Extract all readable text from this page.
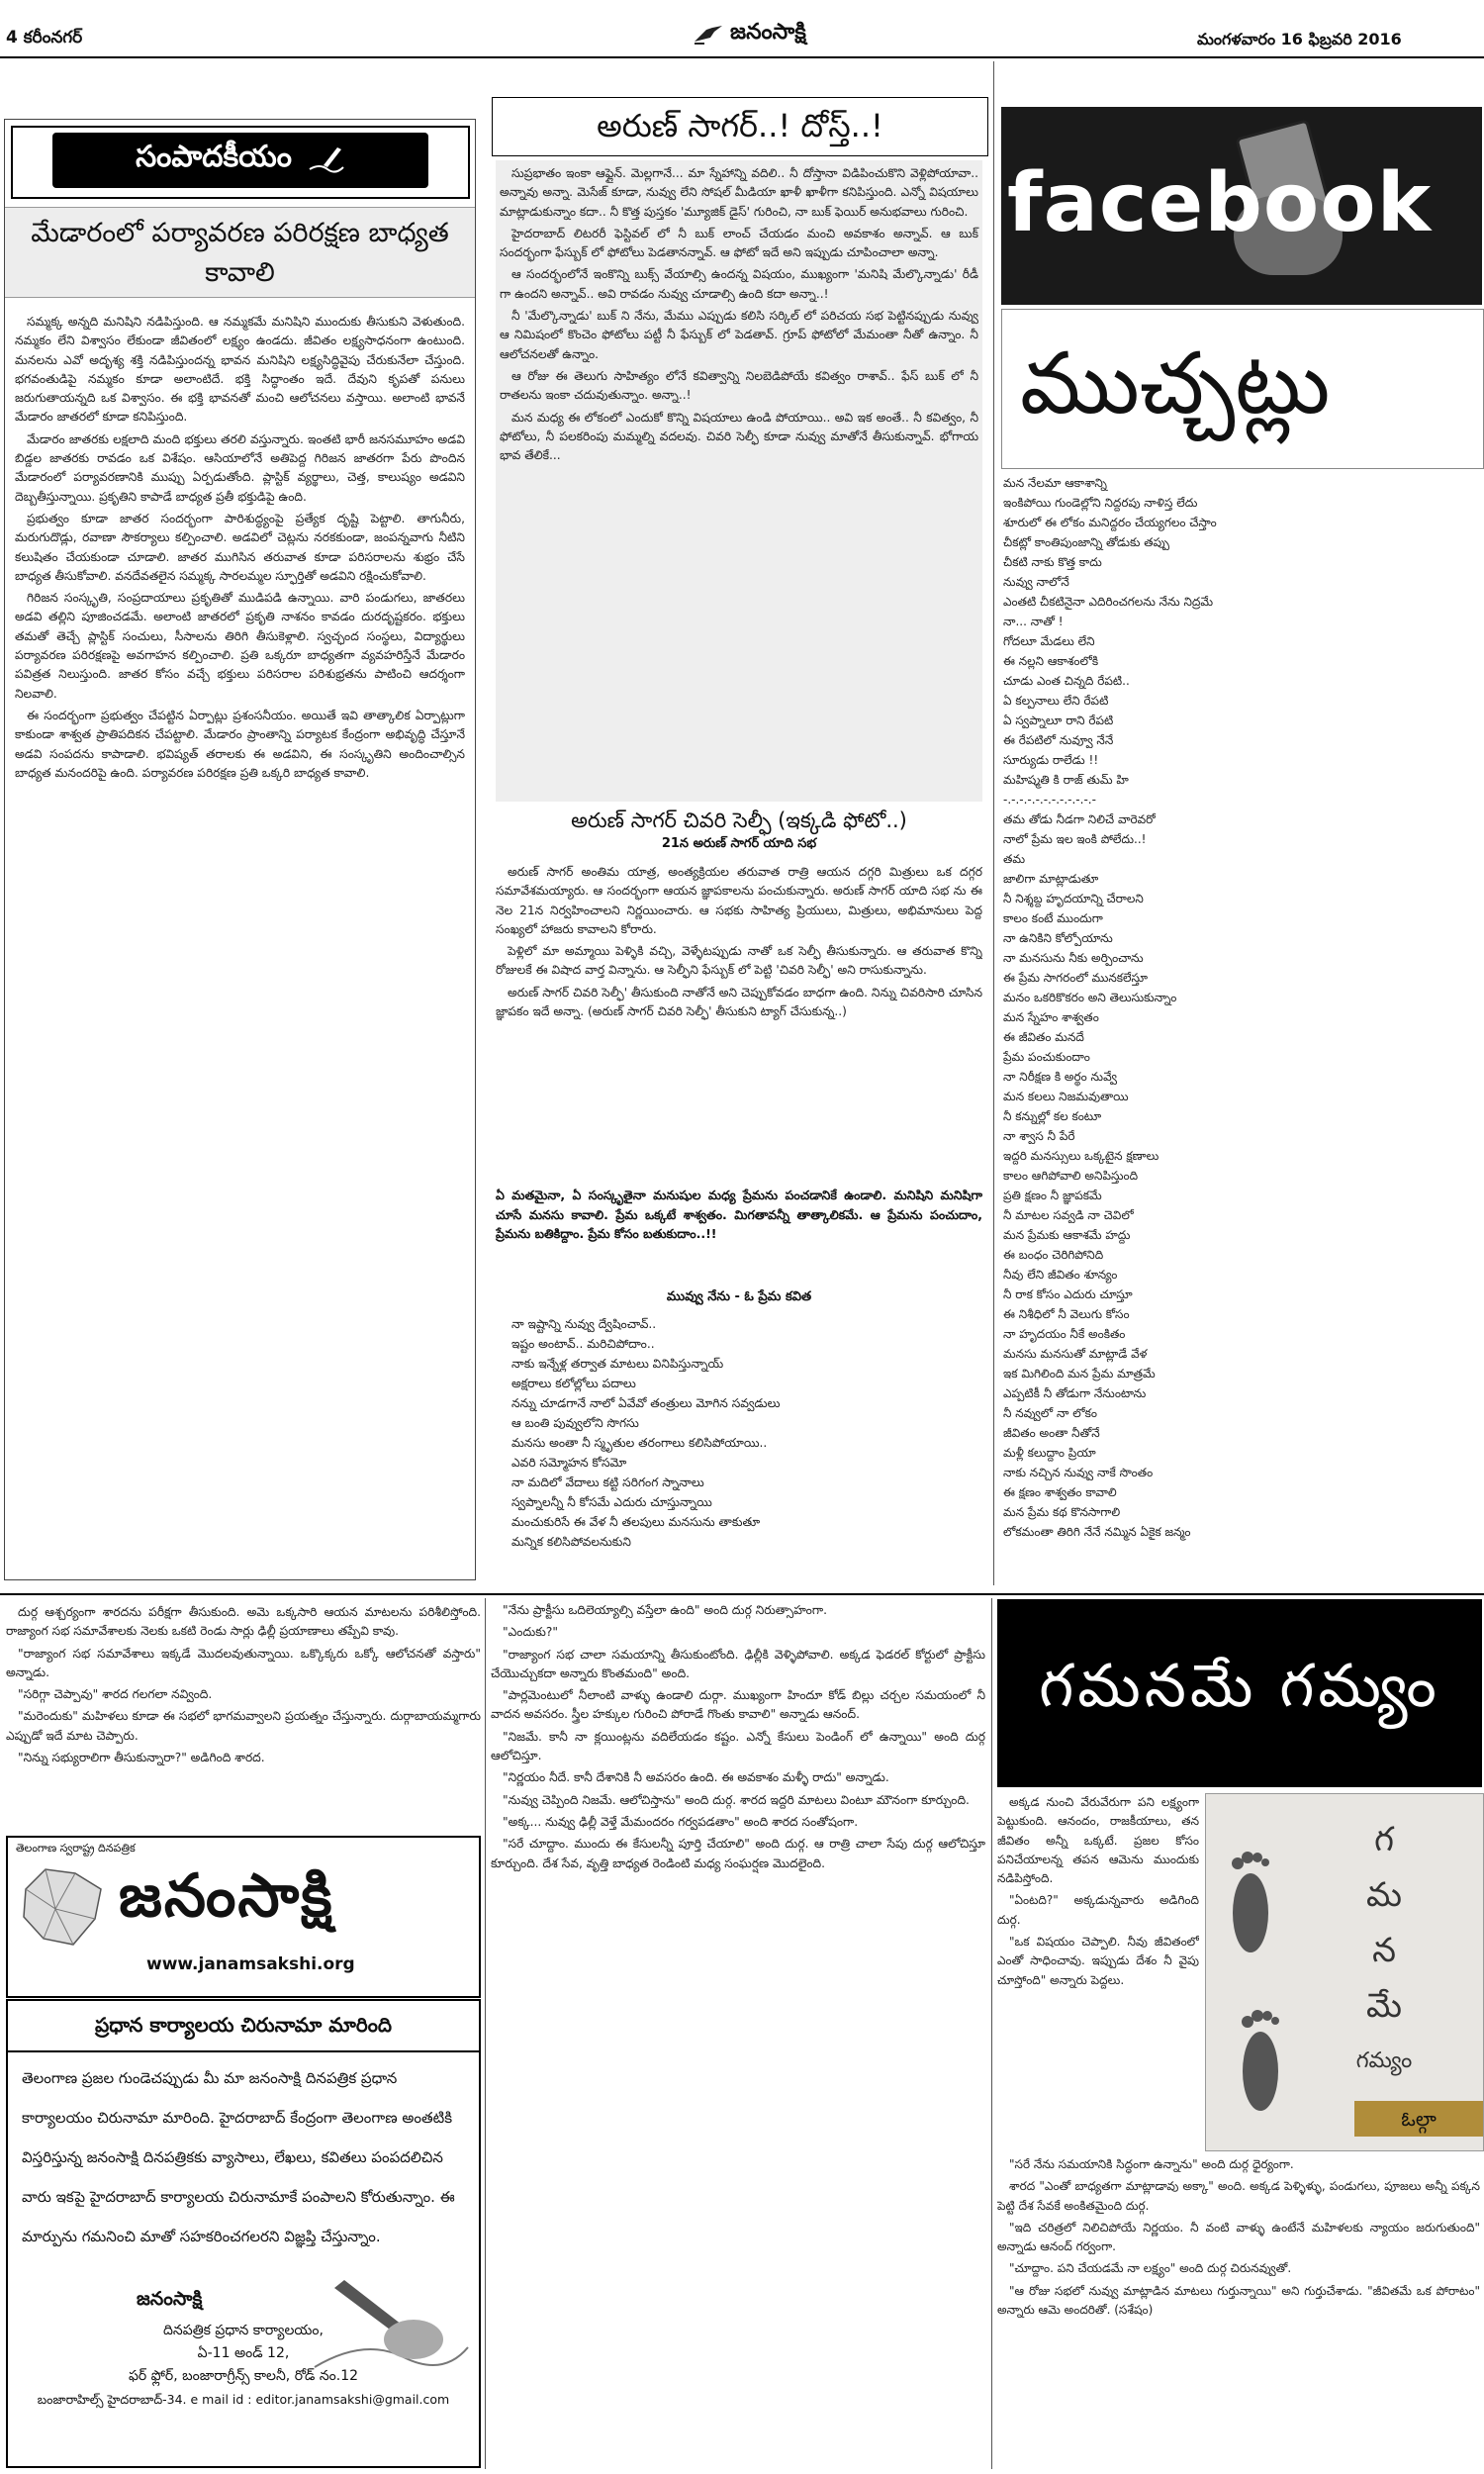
4 కరీంనగర్	జనంసాక్షి	మంగళవారం 16 ఫిబ్రవరి 2016
సంపాదకీయం
మేడారంలో పర్యావరణ పరిరక్షణ బాధ్యత కావాలి

సమ్మక్క అన్నది మనిషిని నడిపిస్తుంది. ఆ నమ్మకమే మనిషిని ముందుకు తీసుకుని వెళుతుంది. నమ్మకం లేని విశ్వాసం లేకుండా జీవితంలో లక్ష్యం ఉండదు. జీవితం లక్ష్యసాధనంగా ఉంటుంది. మనలను ఎవో అదృశ్య శక్తి నడిపిస్తుందన్న భావన మనిషిని లక్ష్యసిద్ధివైపు చేరుకునేలా చేస్తుంది. భగవంతుడిపై నమ్మకం కూడా అలాంటిదే. భక్తి సిద్ధాంతం ఇదే. దేవుని కృపతో పనులు జరుగుతాయన్నది ఒక విశ్వాసం. ఈ భక్తి భావనతో మంచి ఆలోచనలు వస్తాయి. అలాంటి భావనే మేడారం జాతరలో కూడా కనిపిస్తుంది.

మేడారం జాతరకు లక్షలాది మంది భక్తులు తరలి వస్తున్నారు. ఇంతటి భారీ జనసమూహం అడవి బిడ్డల జాతరకు రావడం ఒక విశేషం. ఆసియాలోనే అతిపెద్ద గిరిజన జాతరగా పేరు పొందిన మేడారంలో పర్యావరణానికి ముప్పు ఏర్పడుతోంది. ప్లాస్టిక్ వ్యర్థాలు, చెత్త, కాలుష్యం అడవిని దెబ్బతీస్తున్నాయి. ప్రకృతిని కాపాడే బాధ్యత ప్రతీ భక్తుడిపై ఉంది.

ప్రభుత్వం కూడా జాతర సందర్భంగా పారిశుద్ధ్యంపై ప్రత్యేక దృష్టి పెట్టాలి. తాగునీరు, మరుగుదొడ్లు, రవాణా సౌకర్యాలు కల్పించాలి. అడవిలో చెట్లను నరకకుండా, జంపన్నవాగు నీటిని కలుషితం చేయకుండా చూడాలి. జాతర ముగిసిన తరువాత కూడా పరిసరాలను శుభ్రం చేసే బాధ్యత తీసుకోవాలి. వనదేవతలైన సమ్మక్క సారలమ్మల స్ఫూర్తితో అడవిని రక్షించుకోవాలి.

గిరిజన సంస్కృతి, సంప్రదాయాలు ప్రకృతితో ముడిపడి ఉన్నాయి. వారి పండుగలు, జాతరలు అడవి తల్లిని పూజించడమే. అలాంటి జాతరలో ప్రకృతి నాశనం కావడం దురదృష్టకరం. భక్తులు తమతో తెచ్చే ప్లాస్టిక్ సంచులు, సీసాలను తిరిగి తీసుకెళ్లాలి. స్వచ్ఛంద సంస్థలు, విద్యార్థులు పర్యావరణ పరిరక్షణపై అవగాహన కల్పించాలి. ప్రతి ఒక్కరూ బాధ్యతగా వ్యవహరిస్తేనే మేడారం పవిత్రత నిలుస్తుంది. జాతర కోసం వచ్చే భక్తులు పరిసరాల పరిశుభ్రతను పాటించి ఆదర్శంగా నిలవాలి.

ఈ సందర్భంగా ప్రభుత్వం చేపట్టిన ఏర్పాట్లు ప్రశంసనీయం. అయితే ఇవి తాత్కాలిక ఏర్పాట్లుగా కాకుండా శాశ్వత ప్రాతిపదికన చేపట్టాలి. మేడారం ప్రాంతాన్ని పర్యాటక కేంద్రంగా అభివృద్ధి చేస్తూనే అడవి సంపదను కాపాడాలి. భవిష్యత్ తరాలకు ఈ అడవిని, ఈ సంస్కృతిని అందించాల్సిన బాధ్యత మనందరిపై ఉంది. పర్యావరణ పరిరక్షణ ప్రతి ఒక్కరి బాధ్యత కావాలి.

అరుణ్ సాగర్..! దోస్త్..!

సుప్రభాతం ఇంకా ఆఫ్లైన్. మెల్లగానే... మా స్నేహాన్ని వదిలి.. నీ దోస్తానా విడిపించుకొని వెళ్లిపోయావా.. అన్నావు అన్నా. మెసేజ్ కూడా, నువ్వు లేని సోషల్ మీడియా ఖాళీ ఖాళీగా కనిపిస్తుంది. ఎన్నో విషయాలు మాట్లాడుకున్నాం కదా.. నీ కొత్త పుస్తకం 'మ్యూజిక్ డైస్' గురించి, నా బుక్ ఫెయిర్ అనుభవాలు గురించి.

హైదరాబాద్ లిటరరీ ఫెస్టివల్ లో నీ బుక్ లాంచ్ చేయడం మంచి అవకాశం అన్నావ్. ఆ బుక్ సందర్భంగా ఫేస్బుక్ లో ఫోటోలు పెడతానన్నావ్. ఆ ఫోటో ఇదే అని ఇప్పుడు చూపించాలా అన్నా.

ఆ సందర్భంలోనే ఇంకొన్ని బుక్స్ వేయాల్సి ఉందన్న విషయం, ముఖ్యంగా 'మనిషి మేల్కొన్నాడు' రీడీ గా ఉందని అన్నావ్.. అవి రావడం నువ్వు చూడాల్సి ఉంది కదా అన్నా..!

నీ 'మేల్కొన్నాడు' బుక్ ని నేను, మేము ఎప్పుడు కలిసి సర్కిల్ లో పరిచయ సభ పెట్టినప్పుడు నువ్వు ఆ నిమిషంలో కొంచెం ఫోటోలు పట్టీ నీ ఫేస్బుక్ లో పెడతావ్. గ్రూప్ ఫోటోలో మేమంతా నీతో ఉన్నాం. నీ ఆలోచనలతో ఉన్నాం.

ఆ రోజు ఈ తెలుగు సాహిత్యం లోనే కవిత్వాన్ని నిలబెడిపోయే కవిత్వం రాశావ్.. ఫేస్ బుక్ లో నీ రాతలను ఇంకా చదువుతున్నాం. అన్నా..!

మన మధ్య ఈ లోకంలో ఎందుకో కొన్ని విషయాలు ఉండి పోయాయి.. అవి ఇక అంతే.. నీ కవిత్వం, నీ ఫోటోలు, నీ పలకరింపు మమ్మల్ని వదలవు. చివరి సెల్ఫీ కూడా నువ్వు మాతోనే తీసుకున్నావ్. భోగాయ భావ తేలికే...

అరుణ్ సాగర్ చివరి సెల్ఫీ (ఇక్కడి ఫోటో..)
21న అరుణ్ సాగర్ యాది సభ

అరుణ్ సాగర్ అంతిమ యాత్ర, అంత్యక్రియల తరువాత రాత్రి ఆయన దగ్గరి మిత్రులు ఒక దగ్గర సమావేశమయ్యారు. ఆ సందర్భంగా ఆయన జ్ఞాపకాలను పంచుకున్నారు. అరుణ్ సాగర్ యాది సభ ను ఈ నెల 21న నిర్వహించాలని నిర్ణయించారు. ఆ సభకు సాహిత్య ప్రియులు, మిత్రులు, అభిమానులు పెద్ద సంఖ్యలో హాజరు కావాలని కోరారు.

పెళ్లిలో మా అమ్మాయి పెళ్ళికి వచ్చి, వెళ్ళేటప్పుడు నాతో ఒక సెల్ఫీ తీసుకున్నారు. ఆ తరువాత కొన్ని రోజులకే ఈ విషాద వార్త విన్నాను. ఆ సెల్ఫీని ఫేస్బుక్ లో పెట్టి 'చివరి సెల్ఫీ' అని రాసుకున్నాను.

అరుణ్ సాగర్ చివరి సెల్ఫీ' తీసుకుంది నాతోనే అని చెప్పుకోవడం బాధగా ఉంది. నిన్ను చివరిసారి చూసిన జ్ఞాపకం ఇదే అన్నా. (అరుణ్ సాగర్ చివరి సెల్ఫీ' తీసుకుని ట్యాగ్ చేసుకున్న..)

ఏ మతమైనా, ఏ సంస్కృతైనా మనుషుల మధ్య ప్రేమను పంచడానికే ఉండాలి. మనిషిని మనిషిగా చూసే మనసు కావాలి. ప్రేమ ఒక్కటే శాశ్వతం. మిగతావన్నీ తాత్కాలికమే. ఆ ప్రేమను పంచుదాం, ప్రేమను బతికిద్దాం. ప్రేమ కోసం బతుకుదాం..!!
మువ్వు నేను - ఓ ప్రేమ కవిత
నా ఇష్టాన్ని నువ్వు ద్వేషించావ్..
ఇష్టం అంటావ్.. మరిచిపోదాం..
నాకు ఇన్నేళ్ల తర్వాత మాటలు వినిపిస్తున్నాయ్
అక్షరాలు కలోల్లోలు పదాలు
నన్ను చూడగానే నాలో ఏవేవో తంత్రులు మోగిన సవ్వడులు
ఆ బంతి పువ్వులోని సొగసు
మనసు అంతా నీ స్మృతుల తరంగాలు కలిసిపోయాయి..
ఎవరి సమ్మోహన కోసమో
నా మదిలో వేదాలు కట్టి సరిగంగ స్నానాలు
స్వప్నాలన్నీ నీ కోసమే ఎదురు చూస్తున్నాయి
మంచుకురిసే ఈ వేళ నీ తలపులు మనసును తాకుతూ
మన్నిక కలిసిపోవలనుకుని
facebook
ముచ్చట్లు
మన నేలమా ఆకాశాన్ని
ఇంకిపోయి గుండెల్లోని నిద్దరపు నాళిస్త లేదు
శూరులో ఈ లోకం మనిద్దరం చేయ్యగలం చేస్తాం
చీకట్లో కాంతిపుంజాన్ని తోడుకు తప్పు
చీకటి నాకు కొత్త కాదు
నువ్వు నాలోనే
ఎంతటి చీకటినైనా ఎదిరించగలను నేను నిద్రమే
నా... నాతో !
గోదలూ మేడలు లేని
ఈ నల్లని ఆకాశంలోకి
చూడు ఎంత చిన్నది రేపటి..
ఏ కల్పనాలు లేని రేపటి
ఏ స్వప్నాలూ రాని రేపటి
ఈ రేపటిలో నువ్వూ నేనే
సూర్యుడు రాలేడు !!
మహిష్మతి కి రాజ్ తుమ్ హి
-.-.-.-.-.-.-.-.-.-.-.-
తమ తోడు నీడగా నిలిచే వారెవరో
నాలో ప్రేమ ఇల ఇంకి పోలేదు..!
తమ
జాలిగా మాట్లాడుతూ
నీ నిశ్శబ్ద హృదయాన్ని చేరాలని
కాలం కంటే ముందుగా
నా ఉనికిని కోల్పోయాను
నా మనసును నీకు అర్పించాను
ఈ ప్రేమ సాగరంలో మునకలేస్తూ
మనం ఒకరికొకరం అని తెలుసుకున్నాం
మన స్నేహం శాశ్వతం
ఈ జీవితం మనదే
ప్రేమ పంచుకుందాం
నా నిరీక్షణ కి అర్థం నువ్వే
మన కలలు నిజమవుతాయి
నీ కన్నుల్లో కల కంటూ
నా శ్వాస నీ పేరే
ఇద్దరి మనస్సులు ఒక్కటైన క్షణాలు
కాలం ఆగిపోవాలి అనిపిస్తుంది
ప్రతి క్షణం నీ జ్ఞాపకమే
నీ మాటల సవ్వడి నా చెవిలో
మన ప్రేమకు ఆకాశమే హద్దు
ఈ బంధం చెరిగిపోనిది
నీవు లేని జీవితం శూన్యం
నీ రాక కోసం ఎదురు చూస్తూ
ఈ నిశీధిలో నీ వెలుగు కోసం
నా హృదయం నీకే అంకితం
మనసు మనసుతో మాట్లాడే వేళ
ఇక మిగిలింది మన ప్రేమ మాత్రమే
ఎప్పటికీ నీ తోడుగా నేనుంటాను
నీ నవ్వులో నా లోకం
జీవితం అంతా నీతోనే
మళ్లీ కలుద్దాం ప్రియా
నాకు నచ్చిన నువ్వు నాకే సొంతం
ఈ క్షణం శాశ్వతం కావాలి
మన ప్రేమ కథ కొనసాగాలి
లోకమంతా తిరిగి నేనే నమ్మిన ఏకైక జన్మం

దుర్గ ఆశ్చర్యంగా శారదను పరీక్షగా తీసుకుంది. అమె ఒక్కసారి ఆయన మాటలను పరిశీలిస్తోంది. రాజ్యాంగ సభ సమావేశాలకు నెలకు ఒకటి రెండు సార్లు ఢిల్లీ ప్రయాణాలు తప్పేవి కావు.

"రాజ్యాంగ సభ సమావేశాలు ఇక్కడే మొదలవుతున్నాయి. ఒక్కొక్కరు ఒక్కో ఆలోచనతో వస్తారు" అన్నాడు.

"సరిగ్గా చెప్పావు" శారద గలగలా నవ్వింది.

"మరెందుకు" మహిళలు కూడా ఈ సభలో భాగమవ్వాలని ప్రయత్నం చేస్తున్నారు. దుర్గాబాయమ్మగారు ఎప్పుడో ఇదే మాట చెప్పారు.

"నిన్ను సభ్యురాలిగా తీసుకున్నారా?" అడిగింది శారద.

తెలంగాణ స్వరాష్ట్ర దినపత్రిక
జనంసాక్షి
www.janamsakshi.org
ప్రధాన కార్యాలయ చిరునామా మారింది
తెలంగాణ ప్రజల గుండెచప్పుడు మీ మా జనంసాక్షి దినపత్రిక ప్రధాన కార్యాలయం చిరునామా మారింది. హైదరాబాద్ కేంద్రంగా తెలంగాణ అంతటికి విస్తరిస్తున్న జనంసాక్షి దినపత్రికకు వ్యాసాలు, లేఖలు, కవితలు పంపదలిచిన వారు ఇకపై హైదరాబాద్ కార్యాలయ చిరునామాకే పంపాలని కోరుతున్నాం. ఈ మార్పును గమనించి మాతో సహకరించగలరని విజ్ఞప్తి చేస్తున్నాం.
జనంసాక్షి
దినపత్రిక ప్రధాన కార్యాలయం,
ఏ-11 అండ్ 12,
ఫర్ ఫ్లోర్, బంజారాగ్రీన్స్ కాలనీ, రోడ్ నం.12
బంజారాహిల్స్ హైదరాబాద్-34. e mail id : editor.janamsakshi@gmail.com

"నేను ప్రాక్టీసు ఒదిలెయ్యాల్సి వస్తేలా ఉంది" అంది దుర్గ నిరుత్సాహంగా.

"ఎందుకు?"

"రాజ్యాంగ సభ చాలా సమయాన్ని తీసుకుంటోంది. ఢిల్లీకి వెళ్ళిపోవాలి. అక్కడ ఫెడరల్ కోర్టులో ప్రాక్టీసు చేయొచ్చుకదా అన్నారు కొంతమంది" అంది.

"పార్లమెంటులో నీలాంటి వాళ్ళు ఉండాలి దుర్గా. ముఖ్యంగా హిందూ కోడ్ బిల్లు చర్చల సమయంలో నీ వాదన అవసరం. స్త్రీల హక్కుల గురించి పోరాడే గొంతు కావాలి" అన్నాడు ఆనంద్.

"నిజమే. కానీ నా క్లయింట్లను వదిలేయడం కష్టం. ఎన్నో కేసులు పెండింగ్ లో ఉన్నాయి" అంది దుర్గ ఆలోచిస్తూ.

"నిర్ణయం నీదే. కానీ దేశానికి నీ అవసరం ఉంది. ఈ అవకాశం మళ్ళీ రాదు" అన్నాడు.

"నువ్వు చెప్పింది నిజమే. ఆలోచిస్తాను" అంది దుర్గ. శారద ఇద్దరి మాటలు వింటూ మౌనంగా కూర్చుంది.

"అక్క... నువ్వు ఢిల్లీ వెళ్తే మేమందరం గర్వపడతాం" అంది శారద సంతోషంగా.

"సరే చూద్దాం. ముందు ఈ కేసులన్నీ పూర్తి చేయాలి" అంది దుర్గ. ఆ రాత్రి చాలా సేపు దుర్గ ఆలోచిస్తూ కూర్చుంది. దేశ సేవ, వృత్తి బాధ్యత రెండింటి మధ్య సంఘర్షణ మొదలైంది.

గమనమే గమ్యం
గ
మ
న
మే
గమ్యం
ఓల్గా

అక్కడ నుంచి వేరువేరుగా పని లక్ష్యంగా పెట్టుకుంది. ఆనందం, రాజకీయాలు, తన జీవితం అన్నీ ఒక్కటే. ప్రజల కోసం పనిచేయాలన్న తపన ఆమెను ముందుకు నడిపిస్తోంది.

"ఏంటది?" అక్కడున్నవారు అడిగింది దుర్గ.

"ఒక విషయం చెప్పాలి. నీవు జీవితంలో ఎంతో సాధించావు. ఇప్పుడు దేశం నీ వైపు చూస్తోంది" అన్నారు పెద్దలు.

"సరే నేను సమయానికి సిద్ధంగా ఉన్నాను" అంది దుర్గ ధైర్యంగా.

శారద "ఎంతో బాధ్యతగా మాట్లాడావు అక్కా" అంది. అక్కడ పెళ్ళిళ్ళు, పండుగలు, పూజలు అన్నీ పక్కన పెట్టి దేశ సేవకే అంకితమైంది దుర్గ.

"ఇది చరిత్రలో నిలిచిపోయే నిర్ణయం. నీ వంటి వాళ్ళు ఉంటేనే మహిళలకు న్యాయం జరుగుతుంది" అన్నాడు ఆనంద్ గర్వంగా.

"చూద్దాం. పని చేయడమే నా లక్ష్యం" అంది దుర్గ చిరునవ్వుతో.

"ఆ రోజు సభలో నువ్వు మాట్లాడిన మాటలు గుర్తున్నాయి" అని గుర్తుచేశాడు. "జీవితమే ఒక పోరాటం" అన్నారు ఆమె అందరితో. (సశేషం)
